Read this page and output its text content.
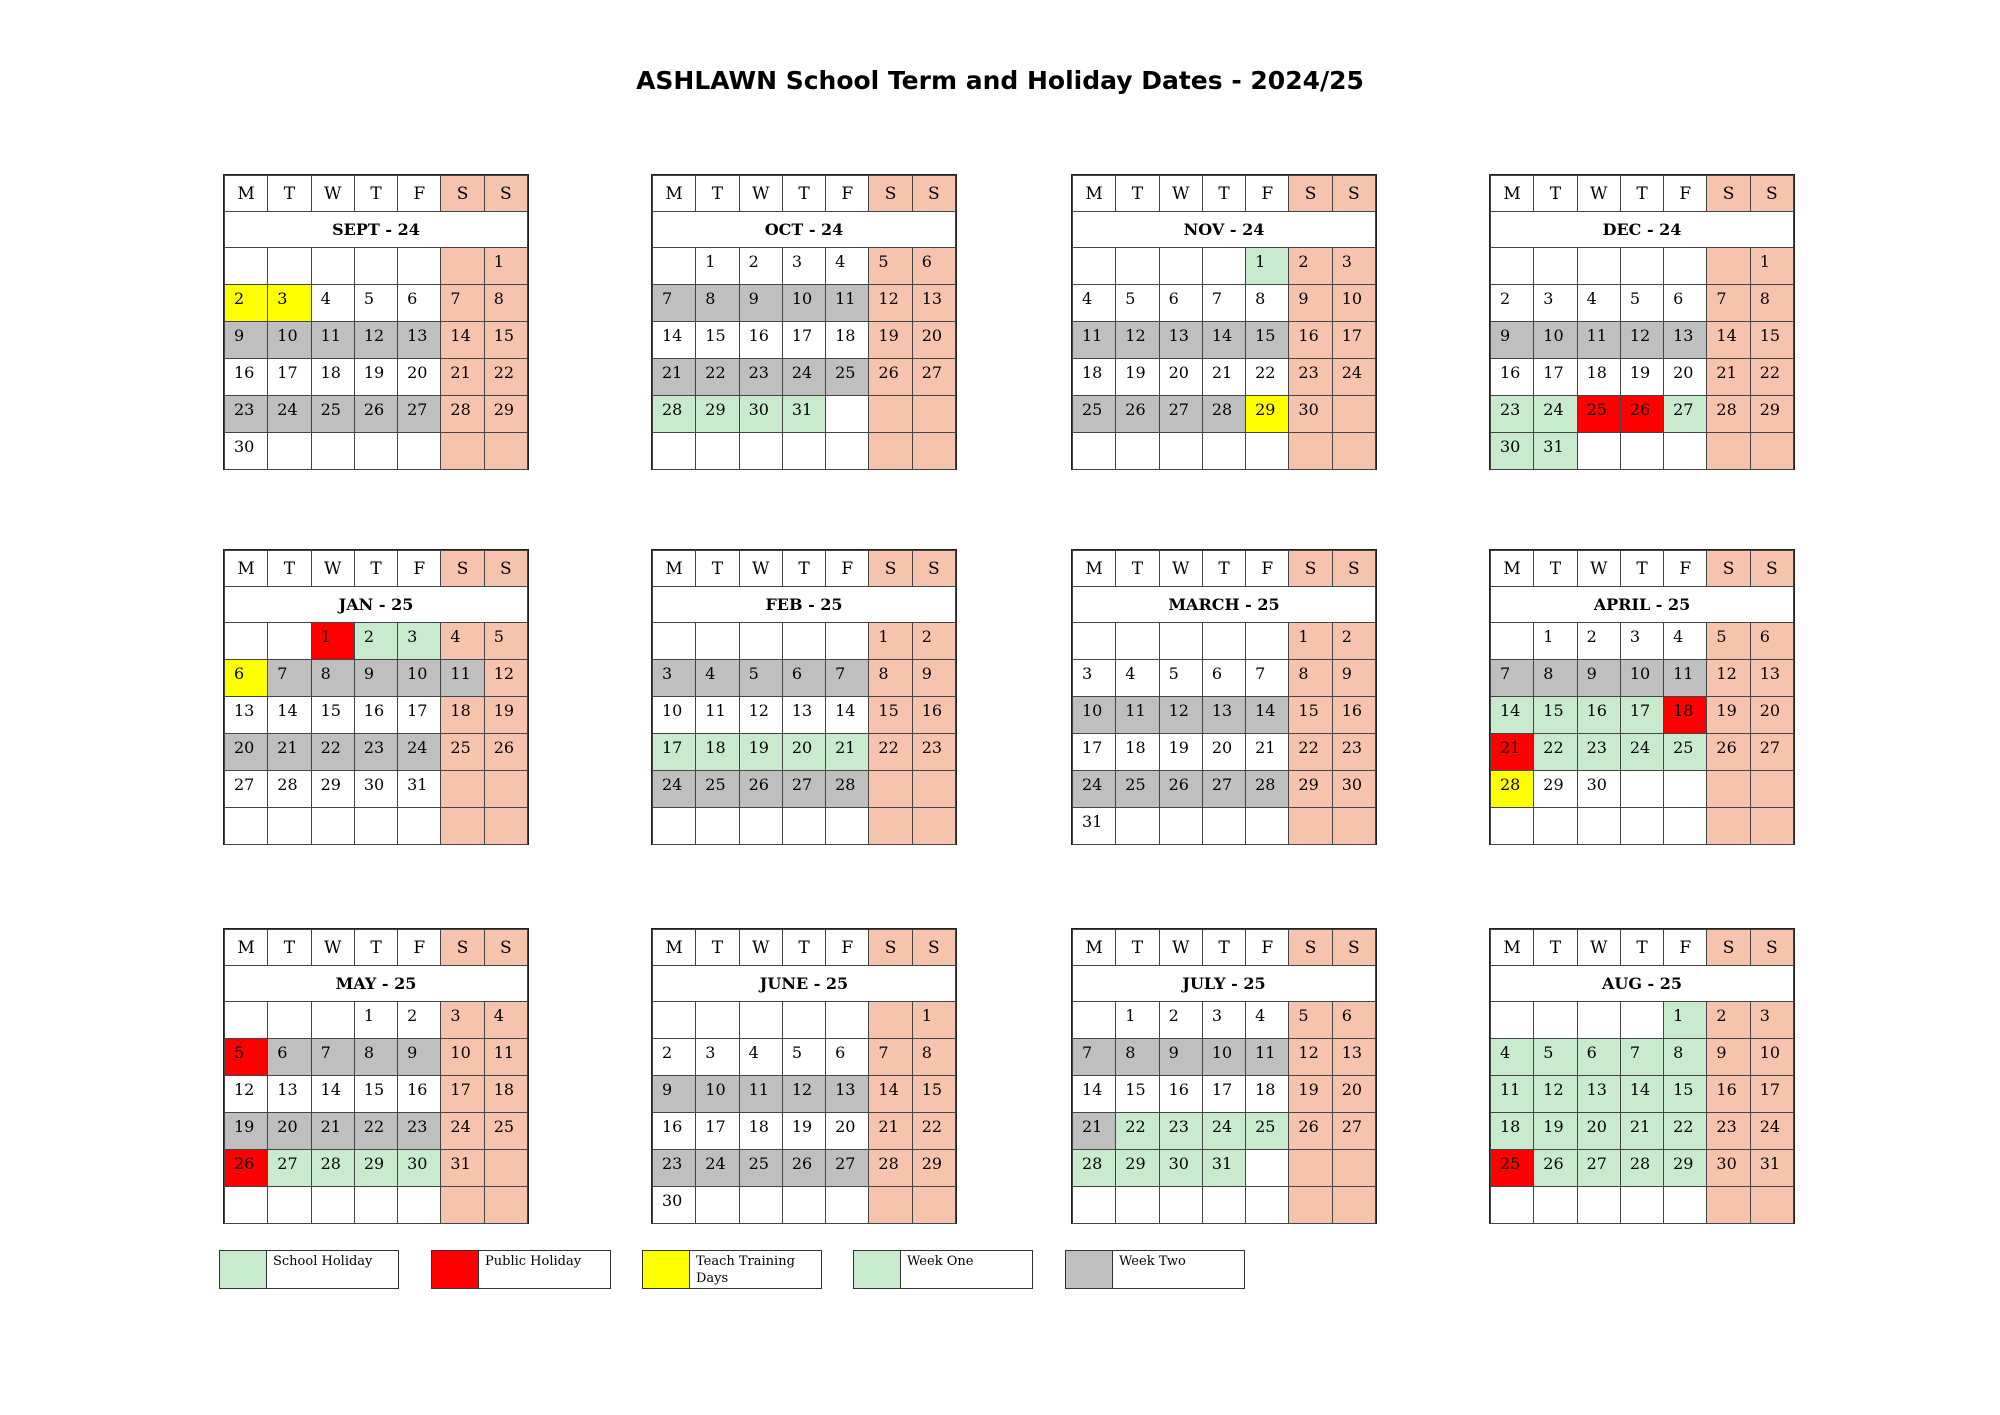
ASHLAWN School Term and Holiday Dates - 2024/25
M	T	W	T	F	S	S
SEPT - 24						
						1
2	3	4	5	6	7	8
9	10	11	12	13	14	15
16	17	18	19	20	21	22
23	24	25	26	27	28	29
30						
M	T	W	T	F	S	S
OCT - 24						
	1	2	3	4	5	6
7	8	9	10	11	12	13
14	15	16	17	18	19	20
21	22	23	24	25	26	27
28	29	30	31			

M	T	W	T	F	S	S
NOV - 24						
				1	2	3
4	5	6	7	8	9	10
11	12	13	14	15	16	17
18	19	20	21	22	23	24
25	26	27	28	29	30	

M	T	W	T	F	S	S
DEC - 24						
						1
2	3	4	5	6	7	8
9	10	11	12	13	14	15
16	17	18	19	20	21	22
23	24	25	26	27	28	29
30	31					
M	T	W	T	F	S	S
JAN - 25						
		1	2	3	4	5
6	7	8	9	10	11	12
13	14	15	16	17	18	19
20	21	22	23	24	25	26
27	28	29	30	31		

M	T	W	T	F	S	S
FEB - 25						
					1	2
3	4	5	6	7	8	9
10	11	12	13	14	15	16
17	18	19	20	21	22	23
24	25	26	27	28		

M	T	W	T	F	S	S
MARCH - 25						
					1	2
3	4	5	6	7	8	9
10	11	12	13	14	15	16
17	18	19	20	21	22	23
24	25	26	27	28	29	30
31						
M	T	W	T	F	S	S
APRIL - 25						
	1	2	3	4	5	6
7	8	9	10	11	12	13
14	15	16	17	18	19	20
21	22	23	24	25	26	27
28	29	30				

M	T	W	T	F	S	S
MAY - 25						
			1	2	3	4
5	6	7	8	9	10	11
12	13	14	15	16	17	18
19	20	21	22	23	24	25
26	27	28	29	30	31	

M	T	W	T	F	S	S
JUNE - 25						
						1
2	3	4	5	6	7	8
9	10	11	12	13	14	15
16	17	18	19	20	21	22
23	24	25	26	27	28	29
30						
M	T	W	T	F	S	S
JULY - 25						
	1	2	3	4	5	6
7	8	9	10	11	12	13
14	15	16	17	18	19	20
21	22	23	24	25	26	27
28	29	30	31			

M	T	W	T	F	S	S
AUG - 25						
				1	2	3
4	5	6	7	8	9	10
11	12	13	14	15	16	17
18	19	20	21	22	23	24
25	26	27	28	29	30	31

School Holiday	Public Holiday	Teach Training Days
Week One	Week Two
